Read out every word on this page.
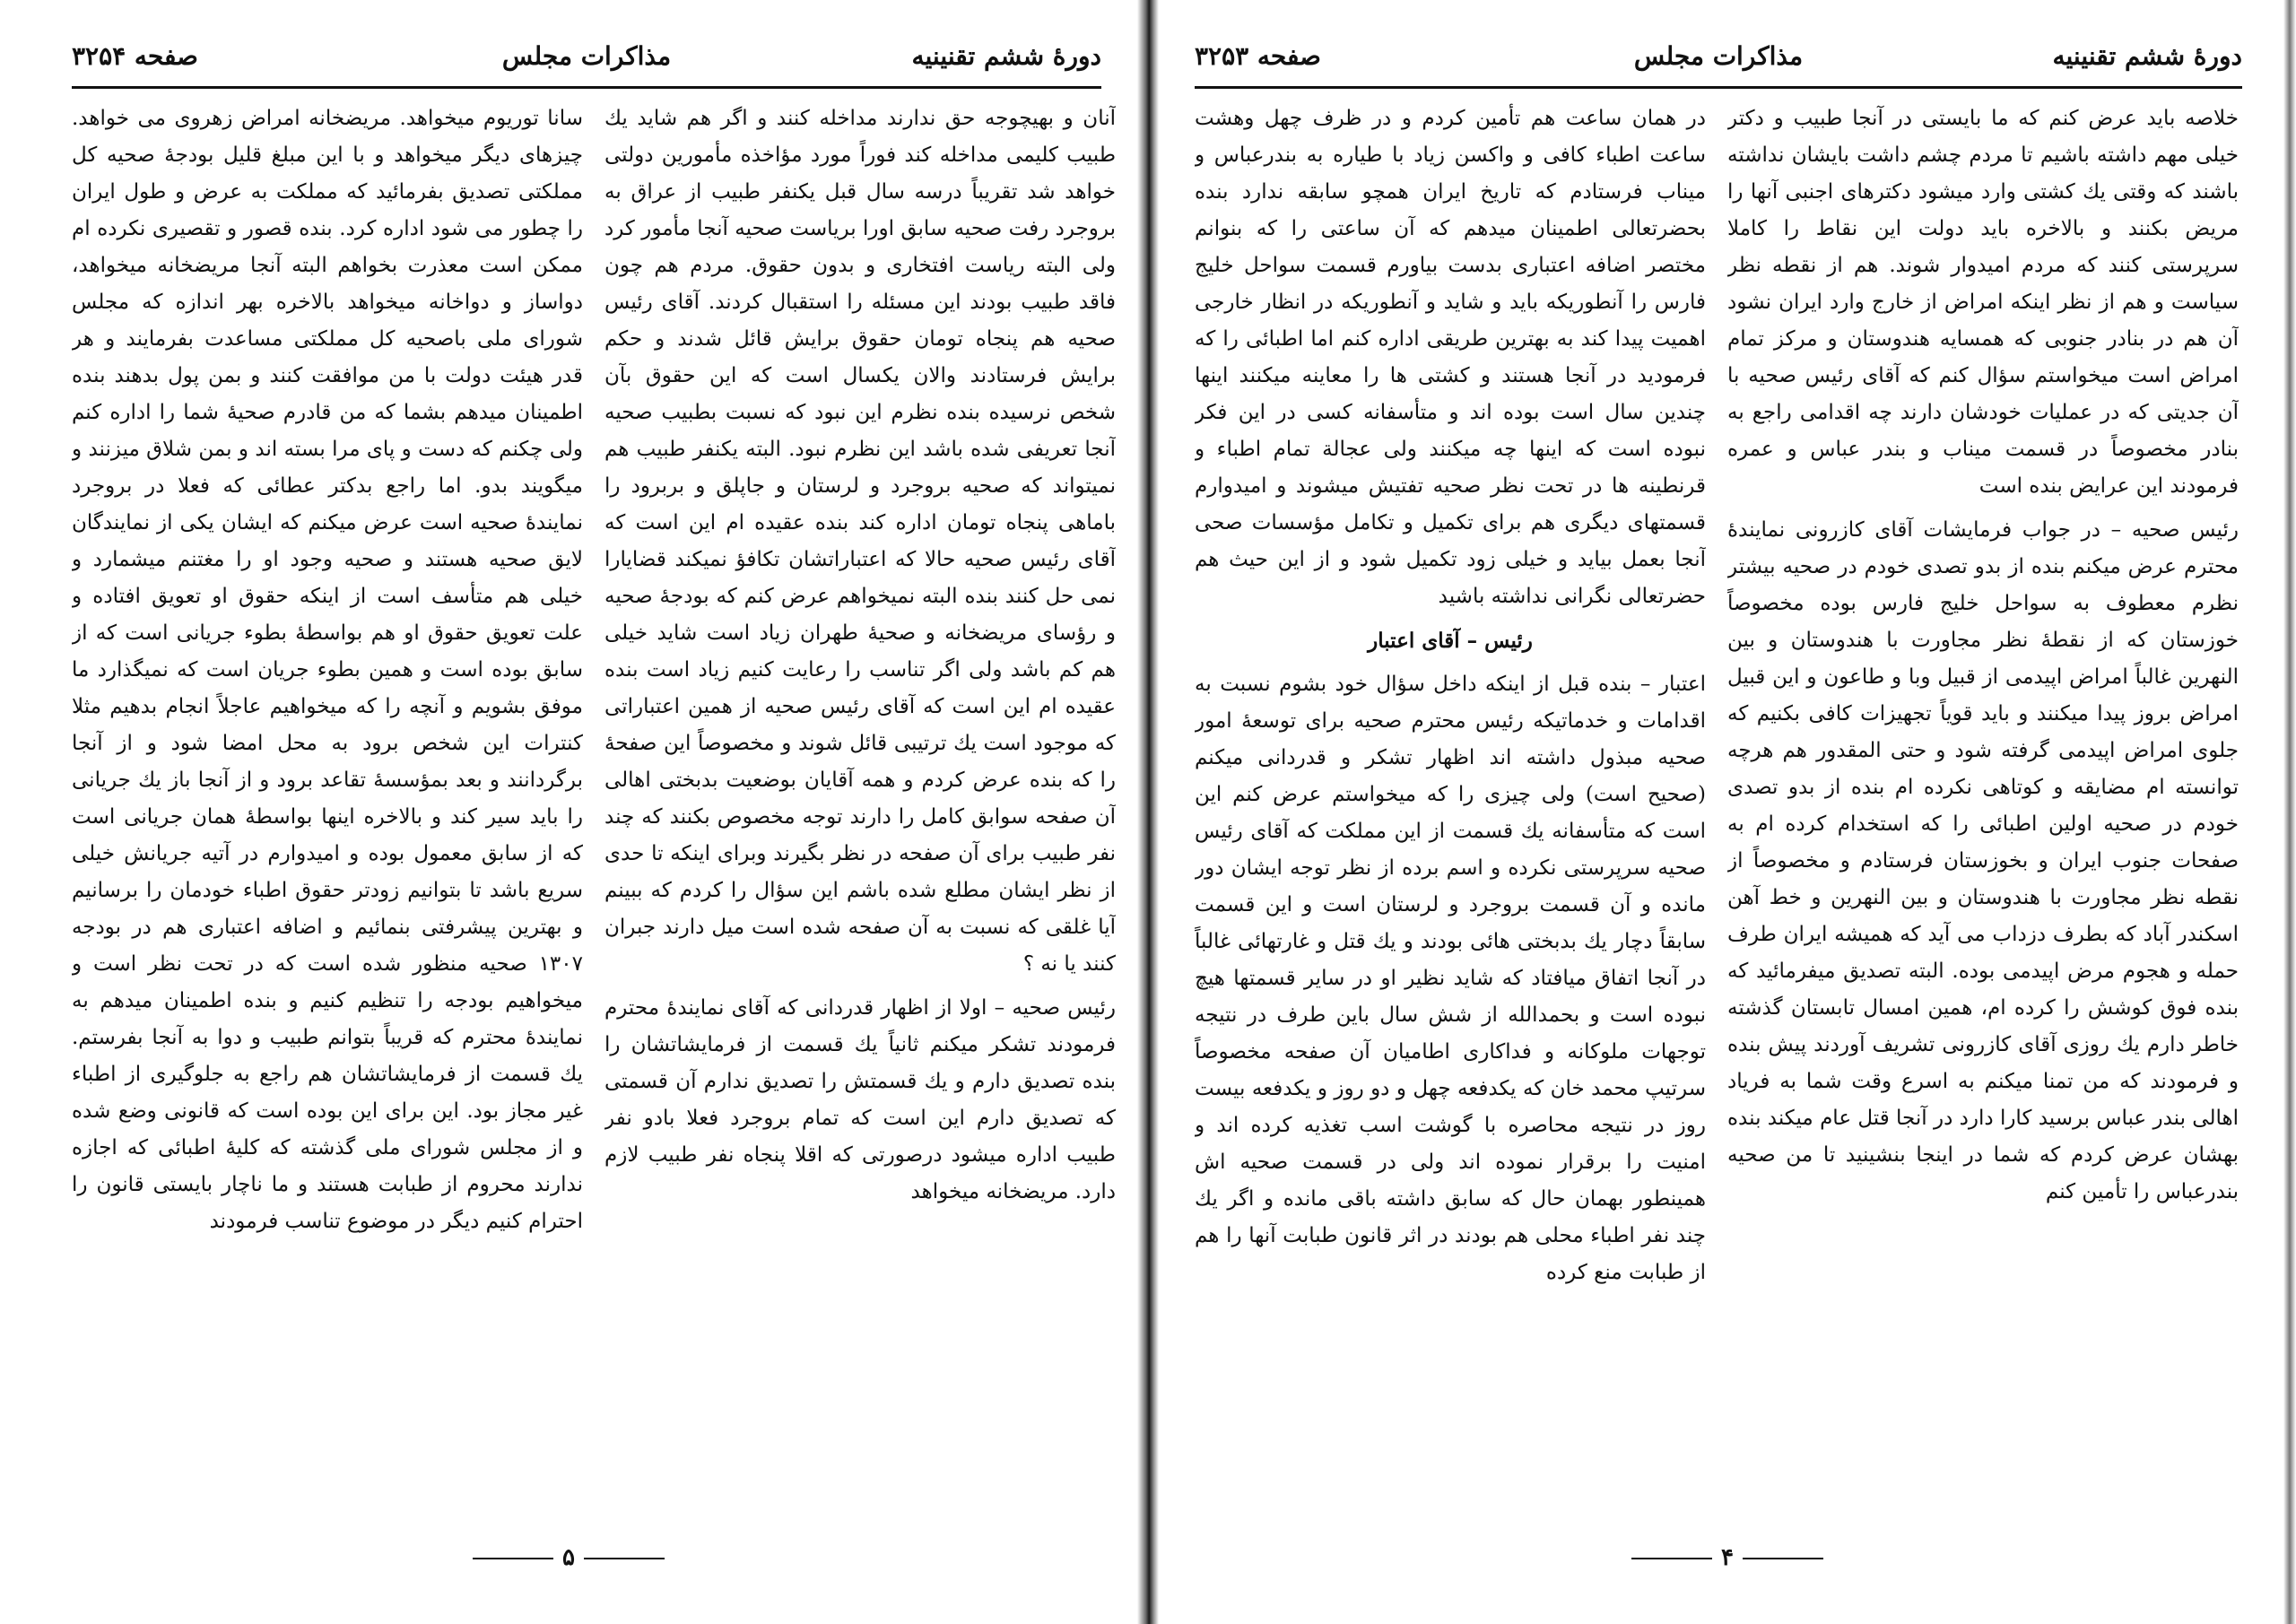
دورهٔ ششم تقنینیه
مذاکرات مجلس
صفحه ۳۲۵۴

آنان و بهیچوجه حق ندارند مداخله کنند و اگر هم شاید یك طبیب کلیمی مداخله کند فوراً مورد مؤاخذه مأمورین دولتی خواهد شد تقریباً درسه سال قبل یکنفر طبیب از عراق به بروجرد رفت صحیه سابق اورا بریاست صحیه آنجا مأمور کرد ولی البته ریاست افتخاری و بدون حقوق. مردم هم چون فاقد طبیب بودند این مسئله را استقبال کردند. آقای رئیس صحیه هم پنجاه تومان حقوق برایش قائل شدند و حکم برایش فرستادند والان یکسال است که این حقوق بآن شخص نرسیده بنده نظرم این نبود که نسبت بطبیب صحیه آنجا تعریفی شده باشد این نظرم نبود. البته یکنفر طبیب هم نمیتواند که صحیه بروجرد و لرستان و جاپلق و بربرود را باماهی پنجاه تومان اداره کند بنده عقیده ام این است که آقای رئیس صحیه حالا که اعتباراتشان تکافؤ نمیکند قضایارا نمی حل کنند بنده البته نمیخواهم عرض کنم که بودجهٔ صحیه و رؤسای مریضخانه و صحیهٔ طهران زیاد است شاید خیلی هم کم باشد ولی اگر تناسب را رعایت کنیم زیاد است بنده عقیده ام این است که آقای رئیس صحیه از همین اعتباراتی که موجود است یك ترتیبی قائل شوند و مخصوصاً این صفحهٔ را که بنده عرض کردم و همه آقایان بوضعیت بدبختی اهالی آن صفحه سوابق کامل را دارند توجه مخصوص بکنند که چند نفر طبیب برای آن صفحه در نظر بگیرند وبرای اینکه تا حدی از نظر ایشان مطلع شده باشم این سؤال را کردم که ببینم آیا غلقی که نسبت به آن صفحه شده است میل دارند جبران کنند یا نه ؟

رئیس صحیه – اولا از اظهار قدردانی که آقای نمایندهٔ محترم فرمودند تشکر میکنم ثانیاً یك قسمت از فرمایشاتشان را بنده تصدیق دارم و یك قسمتش را تصدیق ندارم آن قسمتی که تصدیق دارم این است که تمام بروجرد فعلا بادو نفر طبیب اداره میشود درصورتی که اقلا پنجاه نفر طبیب لازم دارد. مریضخانه میخواهد

سانا توریوم میخواهد. مریضخانه امراض زهروی می خواهد. چیزهای دیگر میخواهد و با این مبلغ قلیل بودجهٔ صحیه کل مملکتی تصدیق بفرمائید که مملکت به عرض و طول ایران را چطور می شود اداره کرد. بنده قصور و تقصیری نکرده ام ممکن است معذرت بخواهم البته آنجا مریضخانه میخواهد، دواساز و دواخانه میخواهد بالاخره بهر اندازه که مجلس شورای ملی باصحیه کل مملکتی مساعدت بفرمایند و هر قدر هیئت دولت با من موافقت کنند و بمن پول بدهند بنده اطمینان میدهم بشما که من قادرم صحیهٔ شما را اداره کنم ولی چکنم که دست و پای مرا بسته اند و بمن شلاق میزنند و میگویند بدو. اما راجع بدکتر عطائی که فعلا در بروجرد نمایندهٔ صحیه است عرض میکنم که ایشان یکی از نمایندگان لایق صحیه هستند و صحیه وجود او را مغتنم میشمارد و خیلی هم متأسف است از اینکه حقوق او تعویق افتاده و علت تعویق حقوق او هم بواسطهٔ بطوء جریانی است که از سابق بوده است و همین بطوء جریان است که نمیگذارد ما موفق بشویم و آنچه را که میخواهیم عاجلاً انجام بدهیم مثلا کنترات این شخص برود به محل امضا شود و از آنجا برگردانند و بعد بمؤسسهٔ تقاعد برود و از آنجا باز یك جریانی را باید سیر کند و بالاخره اینها بواسطهٔ همان جریانی است که از سابق معمول بوده و امیدوارم در آتیه جریانش خیلی سریع باشد تا بتوانیم زودتر حقوق اطباء خودمان را برسانیم و بهترین پیشرفتی بنمائیم و اضافه اعتباری هم در بودجه ۱۳۰۷ صحیه منظور شده است که در تحت نظر است و میخواهیم بودجه را تنظیم کنیم و بنده اطمینان میدهم به نمایندهٔ محترم که قریباً بتوانم طبیب و دوا به آنجا بفرستم. یك قسمت از فرمایشاتشان هم راجع به جلوگیری از اطباء غیر مجاز بود. این برای این بوده است که قانونی وضع شده و از مجلس شورای ملی گذشته که کلیهٔ اطبائی که اجازه ندارند محروم از طبابت هستند و ما ناچار بایستی قانون را احترام کنیم دیگر در موضوع تناسب فرمودند

۵
دورهٔ ششم تقنینیه
مذاکرات مجلس
صفحه ۳۲۵۳

خلاصه باید عرض کنم که ما بایستی در آنجا طبیب و دکتر خیلی مهم داشته باشیم تا مردم چشم داشت بایشان نداشته باشند که وقتی یك کشتی وارد میشود دکترهای اجنبی آنها را مریض بکنند و بالاخره باید دولت این نقاط را کاملا سرپرستی کنند که مردم امیدوار شوند. هم از نقطه نظر سیاست و هم از نظر اینکه امراض از خارج وارد ایران نشود آن هم در بنادر جنوبی که همسایه هندوستان و مرکز تمام امراض است میخواستم سؤال کنم که آقای رئیس صحیه با آن جدیتی که در عملیات خودشان دارند چه اقدامی راجع به بنادر مخصوصاً در قسمت میناب و بندر عباس و عمره فرمودند این عرایض بنده است

رئیس صحیه – در جواب فرمایشات آقای کازرونی نمایندهٔ محترم عرض میکنم بنده از بدو تصدی خودم در صحیه بیشتر نظرم معطوف به سواحل خلیج فارس بوده مخصوصاً خوزستان که از نقطهٔ نظر مجاورت با هندوستان و بین النهرین غالباً امراض اپیدمی از قبیل وبا و طاعون و این قبیل امراض بروز پیدا میکنند و باید قویاً تجهیزات کافی بکنیم که جلوی امراض اپیدمی گرفته شود و حتی المقدور هم هرچه توانسته ام مضایقه و کوتاهی نکرده ام بنده از بدو تصدی خودم در صحیه اولین اطبائی را که استخدام کرده ام به صفحات جنوب ایران و بخوزستان فرستادم و مخصوصاً از نقطه نظر مجاورت با هندوستان و بین النهرین و خط آهن اسکندر آباد که بطرف دزداب می آید که همیشه ایران طرف حمله و هجوم مرض اپیدمی بوده. البته تصدیق میفرمائید که بنده فوق کوشش را کرده ام، همین امسال تابستان گذشته خاطر دارم یك روزی آقای کازرونی تشریف آوردند پیش بنده و فرمودند که من تمنا میکنم به اسرع وقت شما به فریاد اهالی بندر عباس برسید کارا دارد در آنجا قتل عام میکند بنده بهشان عرض کردم که شما در اینجا بنشینید تا من صحیه بندرعباس را تأمین کنم

در همان ساعت هم تأمین کردم و در ظرف چهل وهشت ساعت اطباء کافی و واکسن زیاد با طیاره به بندرعباس و میناب فرستادم که تاریخ ایران همچو سابقه ندارد بنده بحضرتعالی اطمینان میدهم که آن ساعتی را که بنوانم مختصر اضافه اعتباری بدست بیاورم قسمت سواحل خلیج فارس را آنطوریکه باید و شاید و آنطوریکه در انظار خارجی اهمیت پیدا کند به بهترین طریقی اداره کنم اما اطبائی را که فرمودید در آنجا هستند و کشتی ها را معاینه میکنند اینها چندین سال است بوده اند و متأسفانه کسی در این فکر نبوده است که اینها چه میکنند ولی عجالة تمام اطباء و قرنطینه ها در تحت نظر صحیه تفتیش میشوند و امیدوارم قسمتهای دیگری هم برای تکمیل و تکامل مؤسسات صحی آنجا بعمل بیاید و خیلی زود تکمیل شود و از این حیث هم حضرتعالی نگرانی نداشته باشید

رئیس – آقای اعتبار

اعتبار – بنده قبل از اینکه داخل سؤال خود بشوم نسبت به اقدامات و خدماتیکه رئیس محترم صحیه برای توسعهٔ امور صحیه مبذول داشته اند اظهار تشکر و قدردانی میکنم (صحیح است) ولی چیزی را که میخواستم عرض کنم این است که متأسفانه یك قسمت از این مملکت که آقای رئیس صحیه سرپرستی نکرده و اسم برده از نظر توجه ایشان دور مانده و آن قسمت بروجرد و لرستان است و این قسمت سابقاً دچار یك بدبختی هائی بودند و یك قتل و غارتهائی غالباً در آنجا اتفاق میافتاد که شاید نظیر او در سایر قسمتها هیچ نبوده است و بحمدالله از شش سال باین طرف در نتیجه توجهات ملوکانه و فداکاری اطامیان آن صفحه مخصوصاً سرتیپ محمد خان که یکدفعه چهل و دو روز و یکدفعه بیست روز در نتیجه محاصره با گوشت اسب تغذیه کرده اند و امنیت را برقرار نموده اند ولی در قسمت صحیه اش همینطور بهمان حال که سابق داشته باقی مانده و اگر یك چند نفر اطباء محلی هم بودند در اثر قانون طبابت آنها را هم از طبابت منع کرده

۴
